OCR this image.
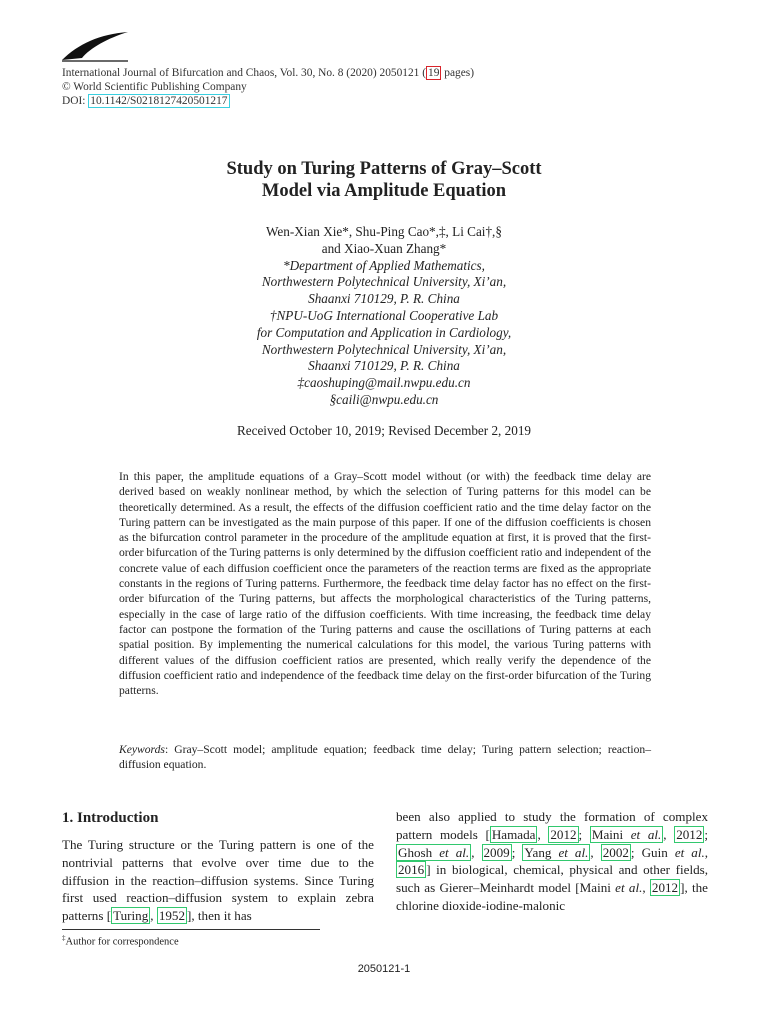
International Journal of Bifurcation and Chaos, Vol. 30, No. 8 (2020) 2050121 ( 19 pages)
© World Scientific Publishing Company
DOI: 10.1142/S0218127420501217
Study on Turing Patterns of Gray–Scott
Model via Amplitude Equation
Wen-Xian Xie*, Shu-Ping Cao*,‡, Li Cai†,§
and Xiao-Xuan Zhang*
*Department of Applied Mathematics,
Northwestern Polytechnical University, Xi’an,
Shaanxi 710129, P. R. China
†NPU-UoG International Cooperative Lab
for Computation and Application in Cardiology,
Northwestern Polytechnical University, Xi’an,
Shaanxi 710129, P. R. China
‡caoshuping@mail.nwpu.edu.cn
§caili@nwpu.edu.cn
Received October 10, 2019; Revised December 2, 2019
In this paper, the amplitude equations of a Gray–Scott model without (or with) the feedback time delay are derived based on weakly nonlinear method, by which the selection of Turing patterns for this model can be theoretically determined. As a result, the effects of the diffusion coefficient ratio and the time delay factor on the Turing pattern can be investigated as the main purpose of this paper. If one of the diffusion coefficients is chosen as the bifurcation control parameter in the procedure of the amplitude equation at first, it is proved that the first-order bifurcation of the Turing patterns is only determined by the diffusion coefficient ratio and independent of the concrete value of each diffusion coefficient once the parameters of the reaction terms are fixed as the appropriate constants in the regions of Turing patterns. Furthermore, the feedback time delay factor has no effect on the first-order bifurcation of the Turing patterns, but affects the morphological characteristics of the Turing patterns, especially in the case of large ratio of the diffusion coefficients. With time increasing, the feedback time delay factor can postpone the formation of the Turing patterns and cause the oscillations of Turing patterns at each spatial position. By implementing the numerical calculations for this model, the various Turing patterns with different values of the diffusion coefficient ratios are presented, which really verify the dependence of the diffusion coefficient ratio and independence of the feedback time delay on the first-order bifurcation of the Turing patterns.
Keywords: Gray–Scott model; amplitude equation; feedback time delay; Turing pattern selection; reaction–diffusion equation.
1. Introduction
The Turing structure or the Turing pattern is one of the nontrivial patterns that evolve over time due to the diffusion in the reaction–diffusion systems. Since Turing first used reaction–diffusion system to explain zebra patterns [ Turing , 1952 ], then it has
been also applied to study the formation of complex pattern models [ Hamada , 2012 ; Maini et al. , 2012 ; Ghosh et al. , 2009 ; Yang et al. , 2002 ; Guin et al., 2016 ] in biological, chemical, physical and other fields, such as Gierer–Meinhardt model [Maini et al., 2012 ], the chlorine dioxide-iodine-malonic
‡Author for correspondence
2050121-1
